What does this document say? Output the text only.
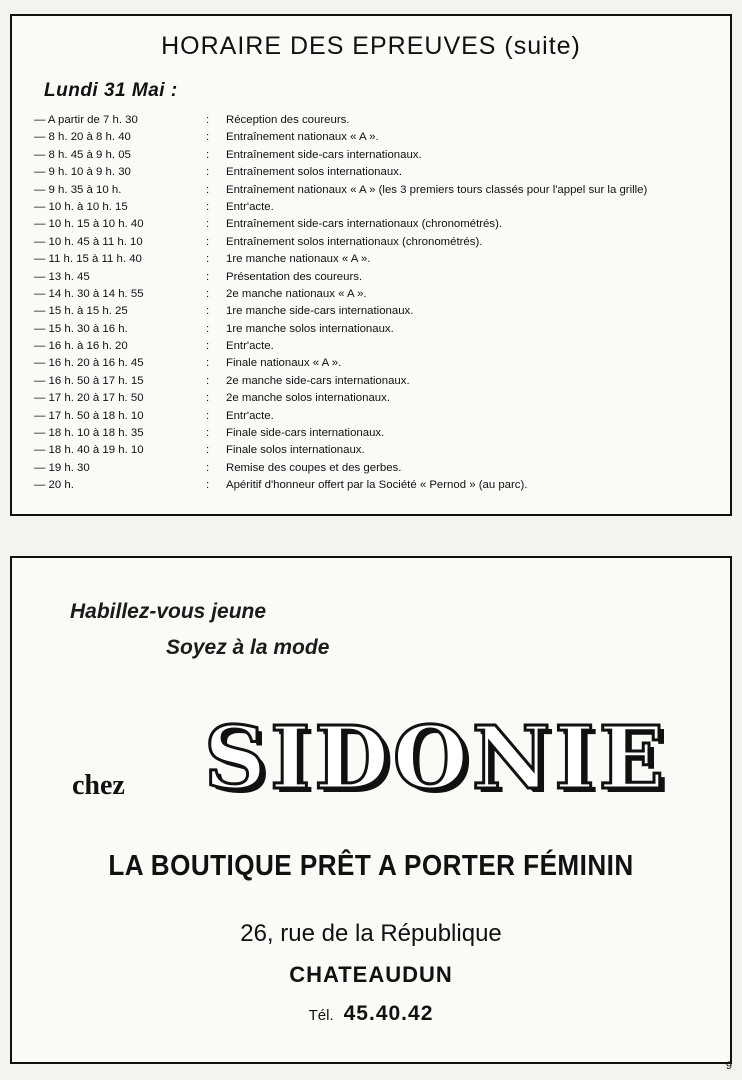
HORAIRE DES EPREUVES (suite)
Lundi 31 Mai :
— A partir de 7 h. 30	:	Réception des coureurs.
— 8 h. 20 à 8 h. 40	:	Entraînement nationaux « A ».
— 8 h. 45 à 9 h. 05	:	Entraînement side-cars internationaux.
— 9 h. 10 à 9 h. 30	:	Entraînement solos internationaux.
— 9 h. 35 à 10 h.	:	Entraînement nationaux « A » (les 3 premiers tours classés pour l'appel sur la grille)
— 10 h. à 10 h. 15	:	Entr'acte.
— 10 h. 15 à 10 h. 40	:	Entraînement side-cars internationaux (chronométrés).
— 10 h. 45 à 11 h. 10	:	Entraînement solos internationaux (chronométrés).
— 11 h. 15 à 11 h. 40	:	1re manche nationaux « A ».
— 13 h. 45	:	Présentation des coureurs.
— 14 h. 30 à 14 h. 55	:	2e manche nationaux « A ».
— 15 h. à 15 h. 25	:	1re manche side-cars internationaux.
— 15 h. 30 à 16 h.	:	1re manche solos internationaux.
— 16 h. à 16 h. 20	:	Entr'acte.
— 16 h. 20 à 16 h. 45	:	Finale nationaux « A ».
— 16 h. 50 à 17 h. 15	:	2e manche side-cars internationaux.
— 17 h. 20 à 17 h. 50	:	2e manche solos internationaux.
— 17 h. 50 à 18 h. 10	:	Entr'acte.
— 18 h. 10 à 18 h. 35	:	Finale side-cars internationaux.
— 18 h. 40 à 19 h. 10	:	Finale solos internationaux.
— 19 h. 30	:	Remise des coupes et des gerbes.
— 20 h.	:	Apéritif d'honneur offert par la Société « Pernod » (au parc).
Habillez-vous jeune
Soyez à la mode
chez SIDONIE
LA BOUTIQUE PRÊT A PORTER FÉMININ
26, rue de la République
CHATEAUDUN
Tél. 45.40.42
9
